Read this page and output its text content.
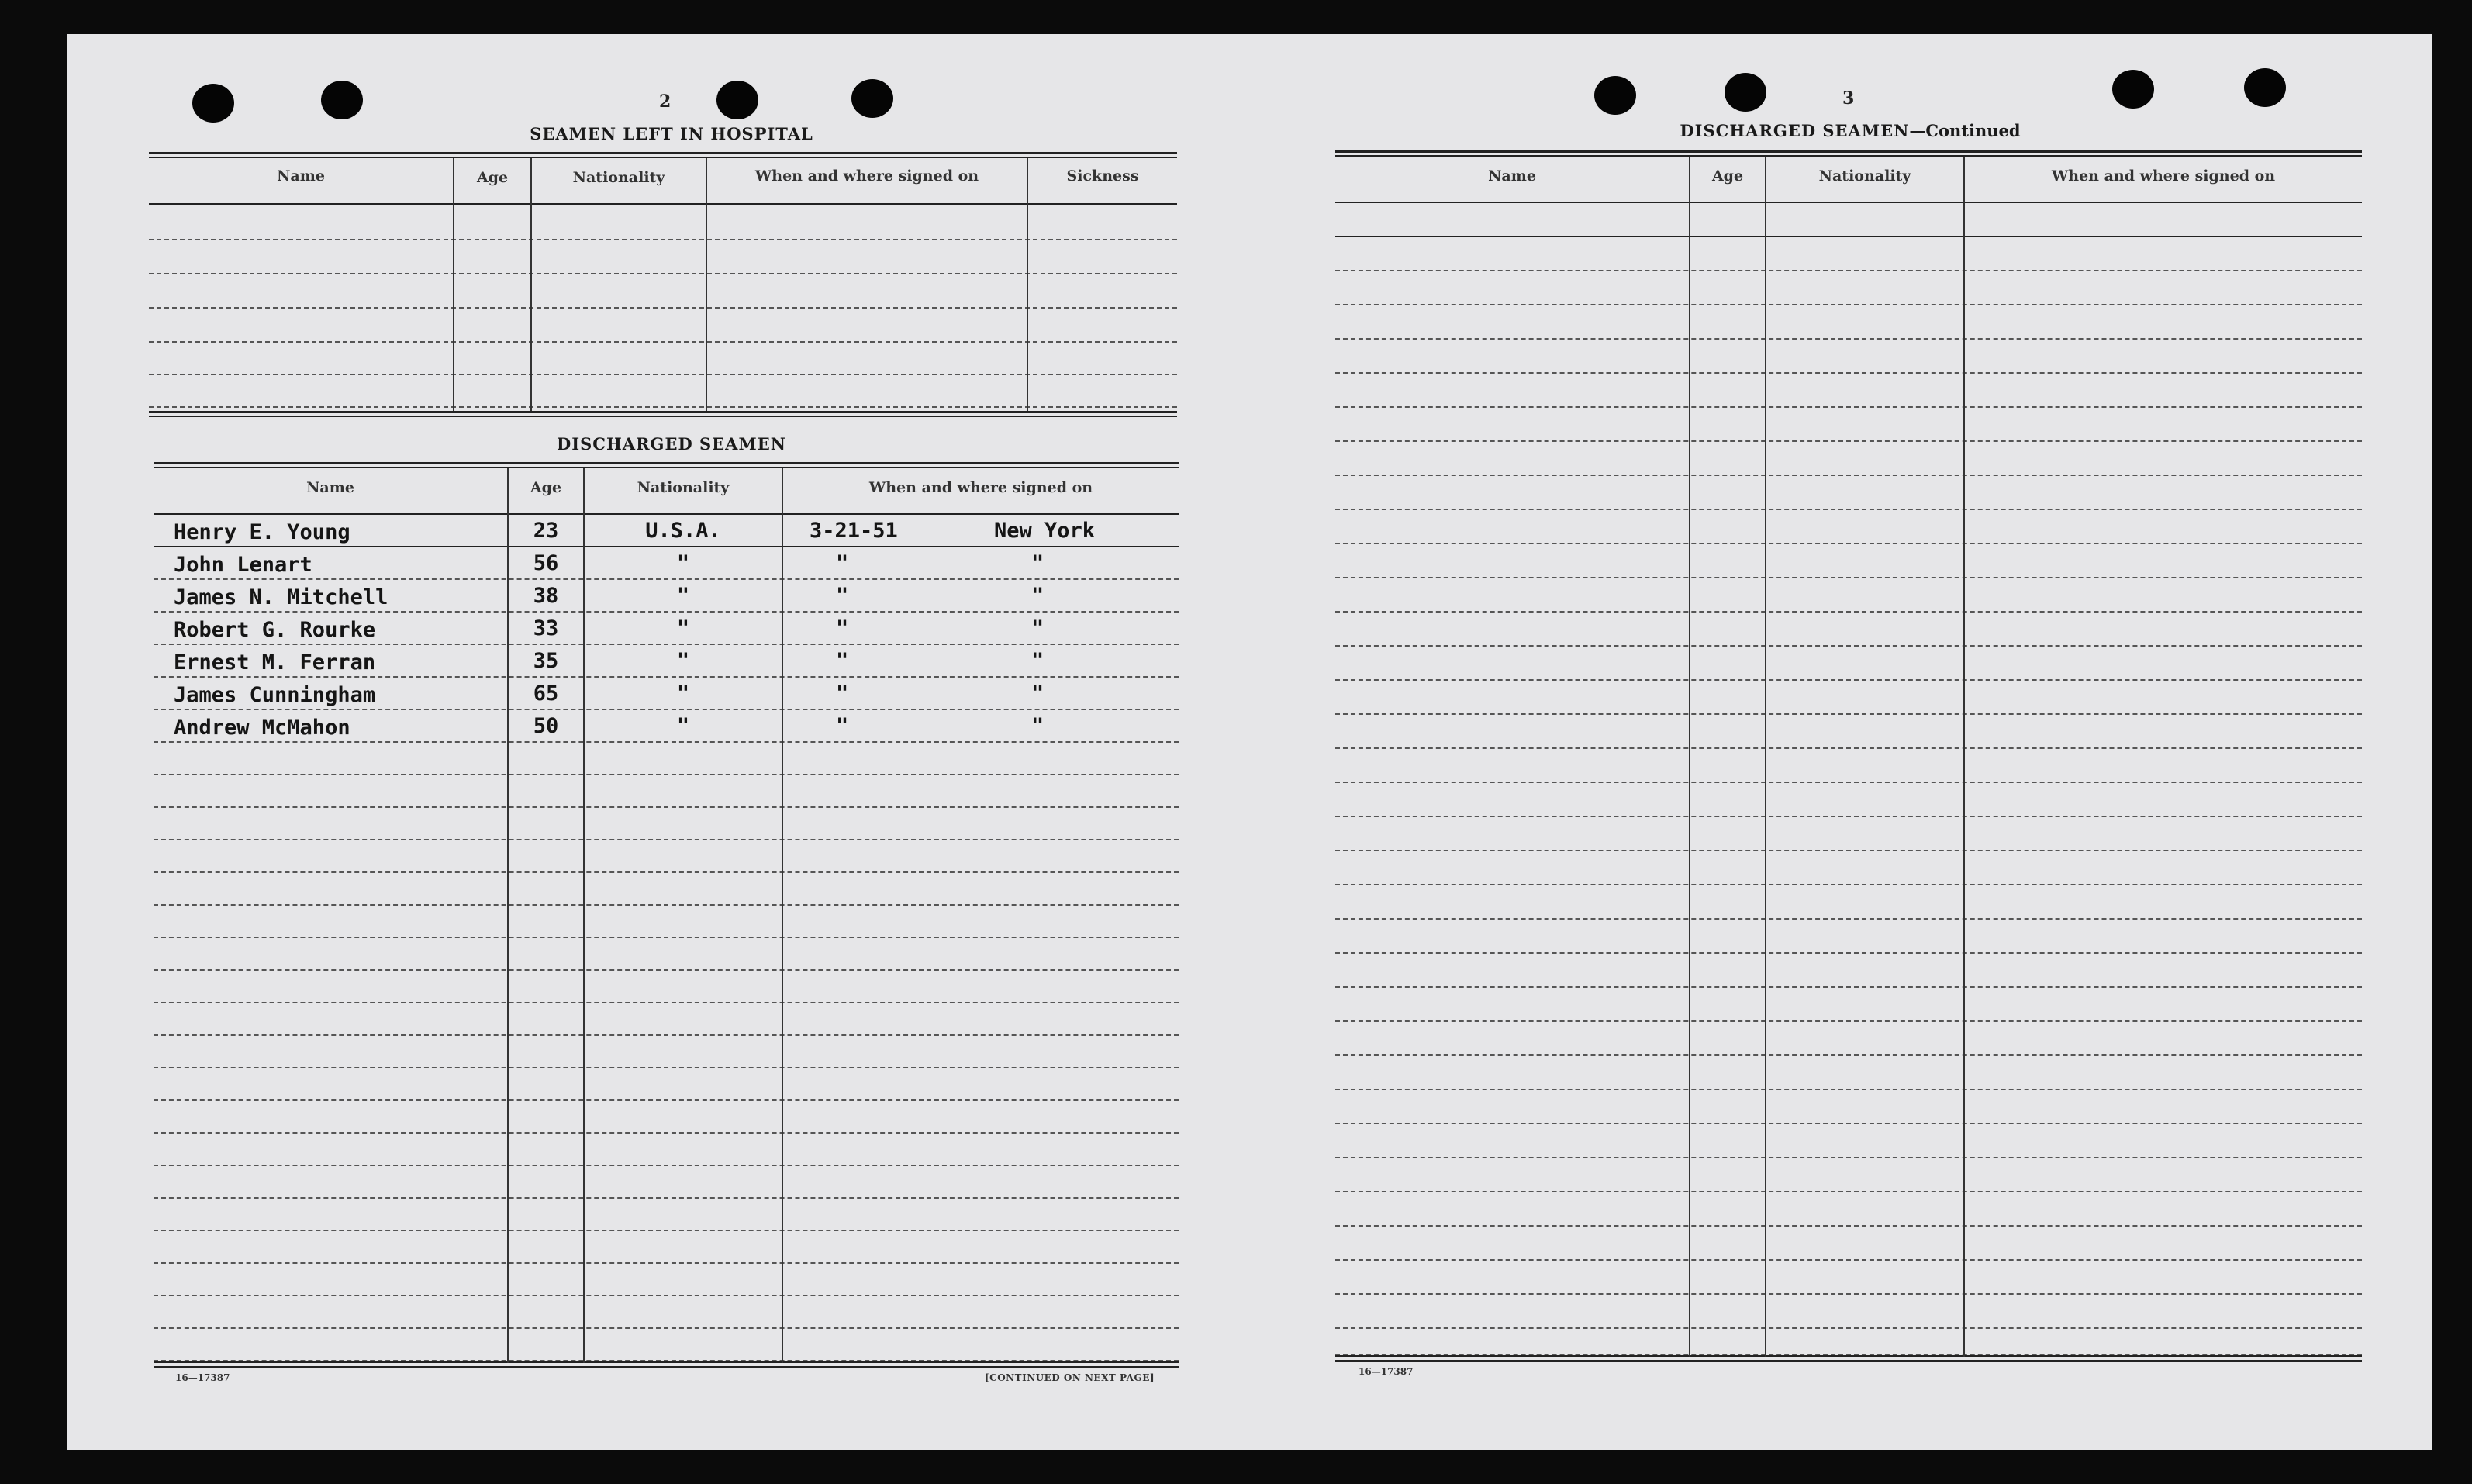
2
SEAMEN LEFT IN HOSPITAL
Name	Age	Nationality	When and where signed on	Sickness
DISCHARGED SEAMEN
Name	Age	Nationality	When and where signed on
Henry E. Young	23	U.S.A.	3-21-51	New York
John Lenart	56	"	"	"
James N. Mitchell	38	"	"	"
Robert G. Rourke	33	"	"	"
Ernest M. Ferran	35	"	"	"
James Cunningham	65	"	"	"
Andrew McMahon	50	"	"	"
16—17387	[CONTINUED ON NEXT PAGE]
3
DISCHARGED SEAMEN—Continued
Name	Age	Nationality	When and where signed on
16—17387
